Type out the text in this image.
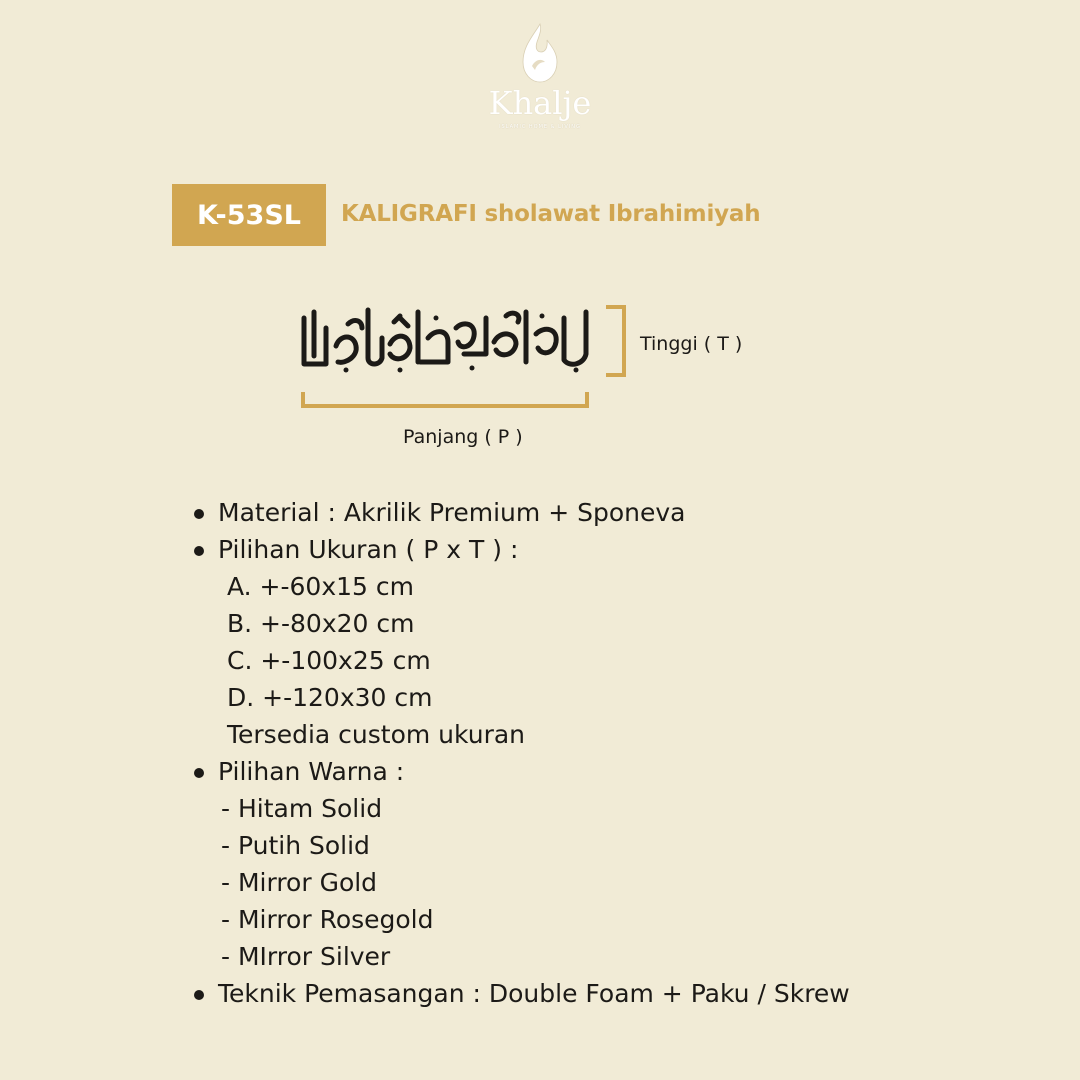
Khalje
ISLAMIC HOME & LIVING
K-53SL	KALIGRAFI sholawat Ibrahimiyah
Tinggi ( T )
Panjang ( P )
Material : Akrilik Premium + Sponeva
Pilihan Ukuran ( P x T ) :
A. +-60x15 cm
B. +-80x20 cm
C. +-100x25 cm
D. +-120x30 cm
Tersedia custom ukuran
Pilihan Warna :
- Hitam Solid
- Putih Solid
- Mirror Gold
- Mirror Rosegold
- MIrror Silver
Teknik Pemasangan : Double Foam + Paku / Skrew
